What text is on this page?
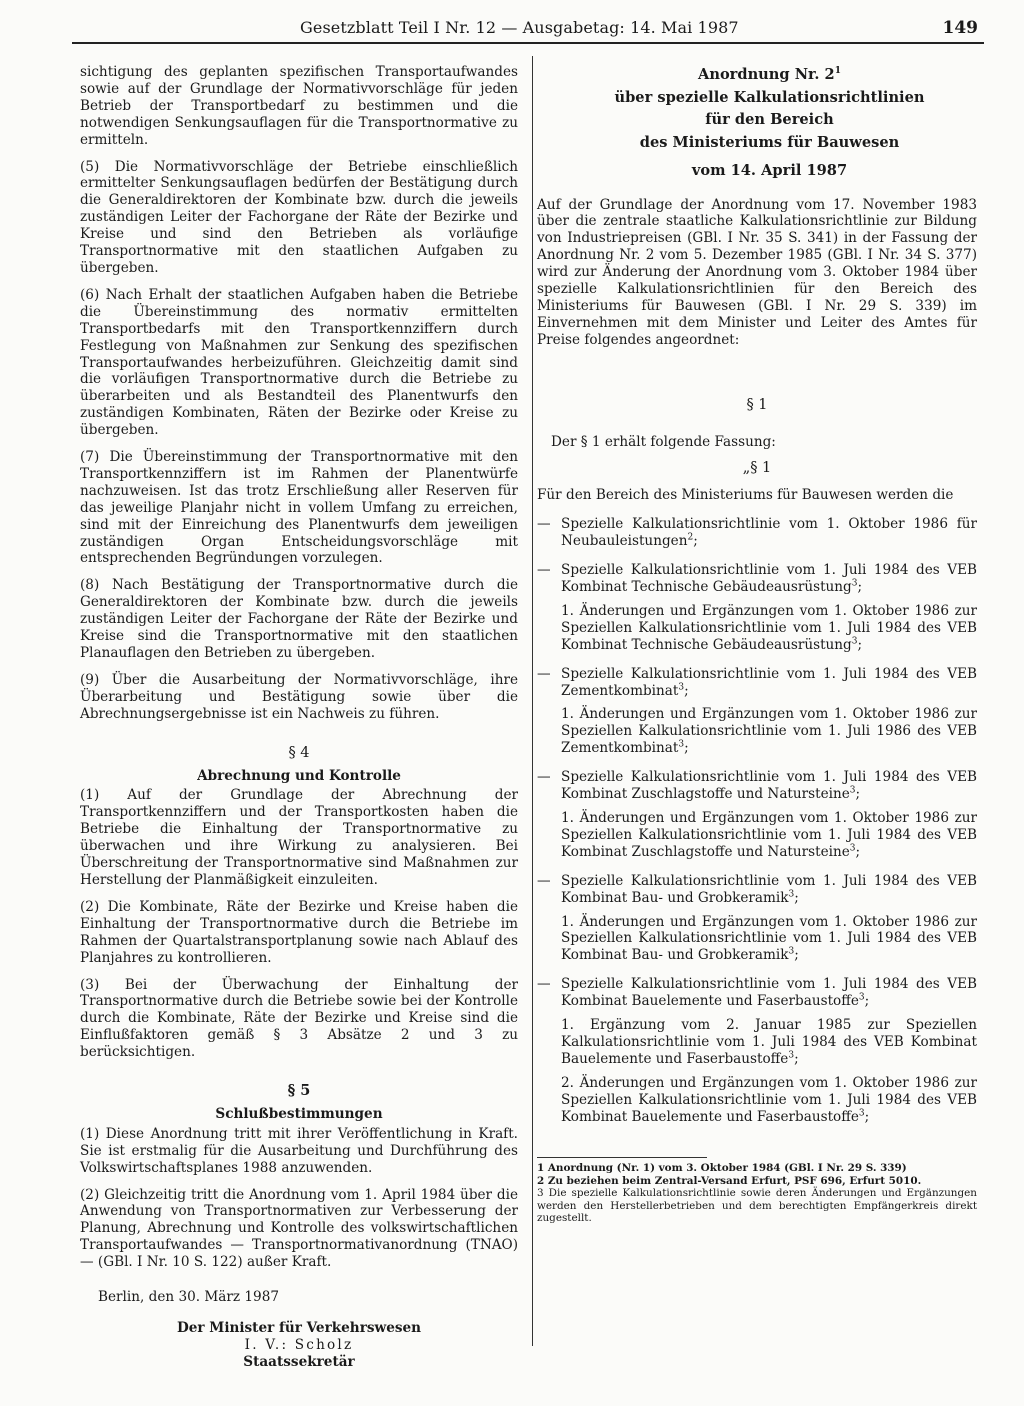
Gesetzblatt Teil I Nr. 12 — Ausgabetag: 14. Mai 1987	149

sichtigung des geplanten spezifischen Transportaufwandes sowie auf der Grundlage der Normativvorschläge für jeden Betrieb der Transportbedarf zu bestimmen und die notwendigen Senkungsauflagen für die Transportnormative zu ermitteln.

(5) Die Normativvorschläge der Betriebe einschließlich ermittelter Senkungsauflagen bedürfen der Bestätigung durch die Generaldirektoren der Kombinate bzw. durch die jeweils zuständigen Leiter der Fachorgane der Räte der Bezirke und Kreise und sind den Betrieben als vorläufige Transportnormative mit den staatlichen Aufgaben zu übergeben.

(6) Nach Erhalt der staatlichen Aufgaben haben die Betriebe die Übereinstimmung des normativ ermittelten Transportbedarfs mit den Transportkennziffern durch Festlegung von Maßnahmen zur Senkung des spezifischen Transportaufwandes herbeizuführen. Gleichzeitig damit sind die vorläufigen Transportnormative durch die Betriebe zu überarbeiten und als Bestandteil des Planentwurfs den zuständigen Kombinaten, Räten der Bezirke oder Kreise zu übergeben.

(7) Die Übereinstimmung der Transportnormative mit den Transportkennziffern ist im Rahmen der Planentwürfe nachzuweisen. Ist das trotz Erschließung aller Reserven für das jeweilige Planjahr nicht in vollem Umfang zu erreichen, sind mit der Einreichung des Planentwurfs dem jeweiligen zuständigen Organ Entscheidungsvorschläge mit entsprechenden Begründungen vorzulegen.

(8) Nach Bestätigung der Transportnormative durch die Generaldirektoren der Kombinate bzw. durch die jeweils zuständigen Leiter der Fachorgane der Räte der Bezirke und Kreise sind die Transportnormative mit den staatlichen Planauflagen den Betrieben zu übergeben.

(9) Über die Ausarbeitung der Normativvorschläge, ihre Überarbeitung und Bestätigung sowie über die Abrechnungsergebnisse ist ein Nachweis zu führen.

§ 4
Abrechnung und Kontrolle

(1) Auf der Grundlage der Abrechnung der Transportkennziffern und der Transportkosten haben die Betriebe die Einhaltung der Transportnormative zu überwachen und ihre Wirkung zu analysieren. Bei Überschreitung der Transportnormative sind Maßnahmen zur Herstellung der Planmäßigkeit einzuleiten.

(2) Die Kombinate, Räte der Bezirke und Kreise haben die Einhaltung der Transportnormative durch die Betriebe im Rahmen der Quartalstransportplanung sowie nach Ablauf des Planjahres zu kontrollieren.

(3) Bei der Überwachung der Einhaltung der Transportnormative durch die Betriebe sowie bei der Kontrolle durch die Kombinate, Räte der Bezirke und Kreise sind die Einflußfaktoren gemäß § 3 Absätze 2 und 3 zu berücksichtigen.

§ 5
Schlußbestimmungen

(1) Diese Anordnung tritt mit ihrer Veröffentlichung in Kraft. Sie ist erstmalig für die Ausarbeitung und Durchführung des Volkswirtschaftsplanes 1988 anzuwenden.

(2) Gleichzeitig tritt die Anordnung vom 1. April 1984 über die Anwendung von Transportnormativen zur Verbesserung der Planung, Abrechnung und Kontrolle des volkswirtschaftlichen Transportaufwandes — Transportnormativanordnung (TNAO) — (GBl. I Nr. 10 S. 122) außer Kraft.

Berlin, den 30. März 1987

Der Minister für Verkehrswesen
I. V.: Scholz
Staatssekretär
Anordnung Nr. $2^1$
über spezielle Kalkulationsrichtlinien
für den Bereich
des Ministeriums für Bauwesen
vom 14. April 1987

Auf der Grundlage der Anordnung vom 17. November 1983 über die zentrale staatliche Kalkulationsrichtlinie zur Bildung von Industriepreisen (GBl. I Nr. 35 S. 341) in der Fassung der Anordnung Nr. 2 vom 5. Dezember 1985 (GBl. I Nr. 34 S. 377) wird zur Änderung der Anordnung vom 3. Oktober 1984 über spezielle Kalkulationsrichtlinien für den Bereich des Ministeriums für Bauwesen (GBl. I Nr. 29 S. 339) im Einvernehmen mit dem Minister und Leiter des Amtes für Preise folgendes angeordnet:

§ 1

Der § 1 erhält folgende Fassung:

„§ 1

Für den Bereich des Ministeriums für Bauwesen werden die

— Spezielle Kalkulationsrichtlinie vom 1. Oktober 1986 für Neubauleistungen$^2$;
— Spezielle Kalkulationsrichtlinie vom 1. Juli 1984 des VEB Kombinat Technische Gebäudeausrüstung$^3$;
1. Änderungen und Ergänzungen vom 1. Oktober 1986 zur Speziellen Kalkulationsrichtlinie vom 1. Juli 1984 des VEB Kombinat Technische Gebäudeausrüstung$^3$;
— Spezielle Kalkulationsrichtlinie vom 1. Juli 1984 des VEB Zementkombinat$^3$;
1. Änderungen und Ergänzungen vom 1. Oktober 1986 zur Speziellen Kalkulationsrichtlinie vom 1. Juli 1986 des VEB Zementkombinat$^3$;
— Spezielle Kalkulationsrichtlinie vom 1. Juli 1984 des VEB Kombinat Zuschlagstoffe und Natursteine$^3$;
1. Änderungen und Ergänzungen vom 1. Oktober 1986 zur Speziellen Kalkulationsrichtlinie vom 1. Juli 1984 des VEB Kombinat Zuschlagstoffe und Natursteine$^3$;
— Spezielle Kalkulationsrichtlinie vom 1. Juli 1984 des VEB Kombinat Bau- und Grobkeramik$^3$;
1. Änderungen und Ergänzungen vom 1. Oktober 1986 zur Speziellen Kalkulationsrichtlinie vom 1. Juli 1984 des VEB Kombinat Bau- und Grobkeramik$^3$;
— Spezielle Kalkulationsrichtlinie vom 1. Juli 1984 des VEB Kombinat Bauelemente und Faserbaustoffe$^3$;
1. Ergänzung vom 2. Januar 1985 zur Speziellen Kalkulationsrichtlinie vom 1. Juli 1984 des VEB Kombinat Bauelemente und Faserbaustoffe$^3$;
2. Änderungen und Ergänzungen vom 1. Oktober 1986 zur Speziellen Kalkulationsrichtlinie vom 1. Juli 1984 des VEB Kombinat Bauelemente und Faserbaustoffe$^3$;
1 Anordnung (Nr. 1) vom 3. Oktober 1984 (GBl. I Nr. 29 S. 339)
2 Zu beziehen beim Zentral-Versand Erfurt, PSF 696, Erfurt 5010.
3 Die spezielle Kalkulationsrichtlinie sowie deren Änderungen und Ergänzungen werden den Herstellerbetrieben und dem berechtigten Empfängerkreis direkt zugestellt.
